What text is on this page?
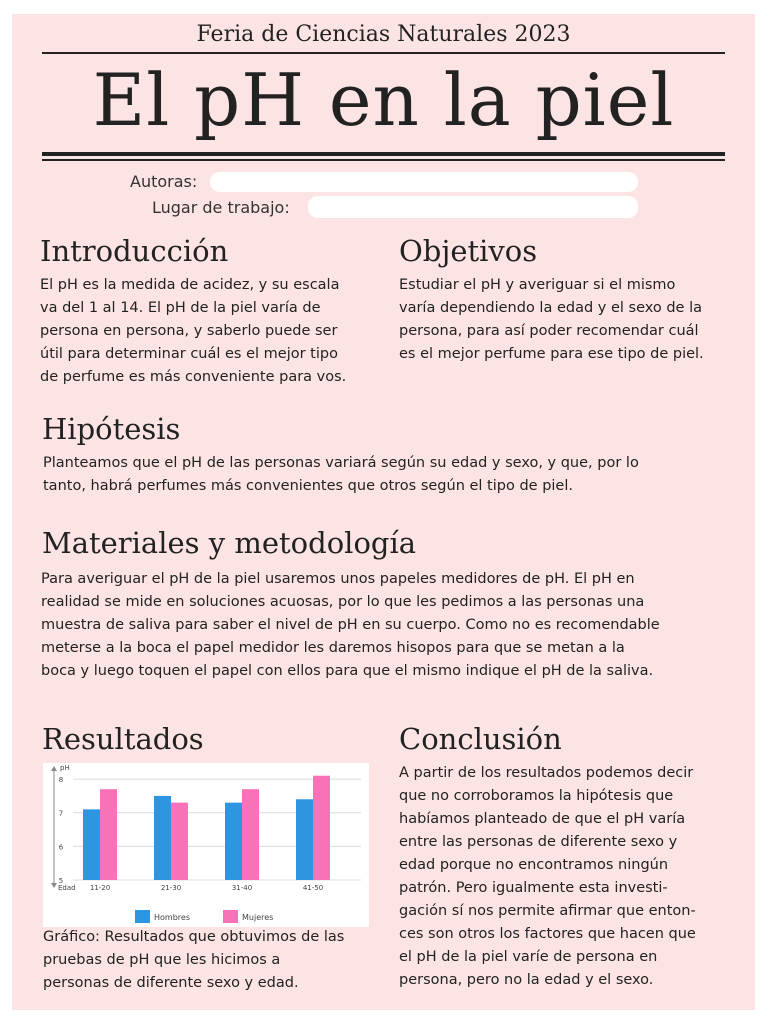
Feria de Ciencias Naturales 2023
El pH en la piel
Autoras:
Lugar de trabajo:
Introducción
El pH es la medida de acidez, y su escala
va del 1 al 14. El pH de la piel varía de
persona en persona, y saberlo puede ser
útil para determinar cuál es el mejor tipo
de perfume es más conveniente para vos.
Objetivos
Estudiar el pH y averiguar si el mismo
varía dependiendo la edad y el sexo de la
persona, para así poder recomendar cuál
es el mejor perfume para ese tipo de piel.
Hipótesis
Planteamos que el pH de las personas variará según su edad y sexo, y que, por lo
tanto, habrá perfumes más convenientes que otros según el tipo de piel.
Materiales y metodología
Para averiguar el pH de la piel usaremos unos papeles medidores de pH. El pH en
realidad se mide en soluciones acuosas, por lo que les pedimos a las personas una
muestra de saliva para saber el nivel de pH en su cuerpo. Como no es recomendable
meterse a la boca el papel medidor les daremos hisopos para que se metan a la
boca y luego toquen el papel con ellos para que el mismo indique el pH de la saliva.
Resultados
5
6
7
8
pH
Edad 11-20	21-30	31-40	41-50
Hombres	Mujeres
Gráfico: Resultados que obtuvimos de las
pruebas de pH que les hicimos a
personas de diferente sexo y edad.
Conclusión
A partir de los resultados podemos decir
que no corroboramos la hipótesis que
habíamos planteado de que el pH varía
entre las personas de diferente sexo y
edad porque no encontramos ningún
patrón. Pero igualmente esta investi-
gación sí nos permite afirmar que enton-
ces son otros los factores que hacen que
el pH de la piel varíe de persona en
persona, pero no la edad y el sexo.
